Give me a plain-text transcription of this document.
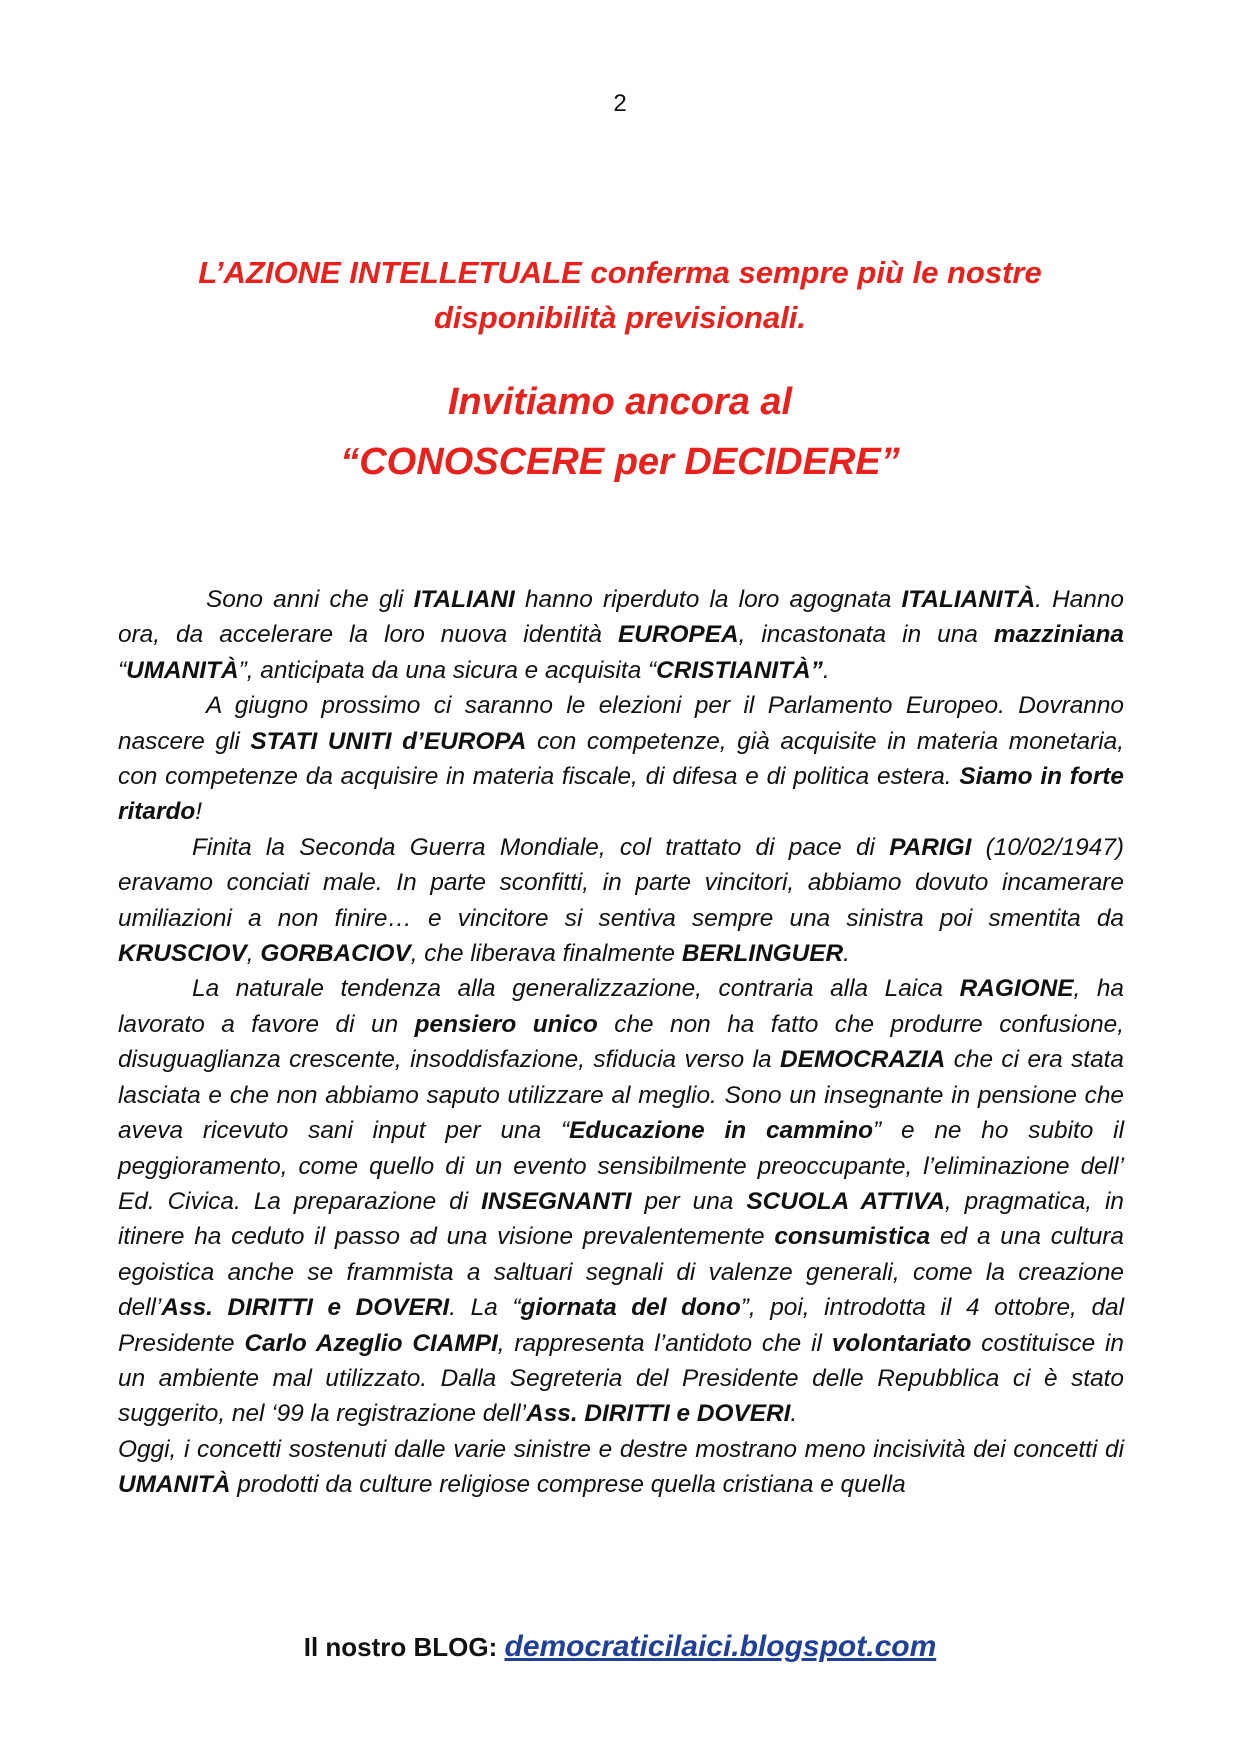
2
L’AZIONE INTELLETUALE conferma sempre più le nostre
disponibilità previsionali.
Invitiamo ancora al
“CONOSCERE per DECIDERE”

Sono anni che gli ITALIANI hanno riperduto la loro agognata ITALIANITÀ. Hanno ora, da accelerare la loro nuova identità EUROPEA, incastonata in una mazziniana “UMANITÀ”, anticipata da una sicura e acquisita “CRISTIANITÀ”.

A giugno prossimo ci saranno le elezioni per il Parlamento Europeo. Dovranno nascere gli STATI UNITI d’EUROPA con competenze, già acquisite in materia monetaria, con competenze da acquisire in materia fiscale, di difesa e di politica estera. Siamo in forte ritardo!

Finita la Seconda Guerra Mondiale, col trattato di pace di PARIGI (10/02/1947) eravamo conciati male. In parte sconfitti, in parte vincitori, abbiamo dovuto incamerare umiliazioni a non finire… e vincitore si sentiva sempre una sinistra poi smentita da KRUSCIOV, GORBACIOV, che liberava finalmente BERLINGUER.

La naturale tendenza alla generalizzazione, contraria alla Laica RAGIONE, ha lavorato a favore di un pensiero unico che non ha fatto che produrre confusione, disuguaglianza crescente, insoddisfazione, sfiducia verso la DEMOCRAZIA che ci era stata lasciata e che non abbiamo saputo utilizzare al meglio. Sono un insegnante in pensione che aveva ricevuto sani input per una “Educazione in cammino” e ne ho subito il peggioramento, come quello di un evento sensibilmente preoccupante, l’eliminazione dell’ Ed. Civica. La preparazione di INSEGNANTI per una SCUOLA ATTIVA, pragmatica, in itinere ha ceduto il passo ad una visione prevalentemente consumistica ed a una cultura egoistica anche se frammista a saltuari segnali di valenze generali, come la creazione dell’Ass. DIRITTI e DOVERI. La “giornata del dono”, poi, introdotta il 4 ottobre, dal Presidente Carlo Azeglio CIAMPI, rappresenta l’antidoto che il volontariato costituisce in un ambiente mal utilizzato. Dalla Segreteria del Presidente delle Repubblica ci è stato suggerito, nel ‘99 la registrazione dell’Ass. DIRITTI e DOVERI.

Oggi, i concetti sostenuti dalle varie sinistre e destre mostrano meno incisività dei concetti di UMANITÀ prodotti da culture religiose comprese quella cristiana e quella

Il nostro BLOG: democraticilaici.blogspot.com
